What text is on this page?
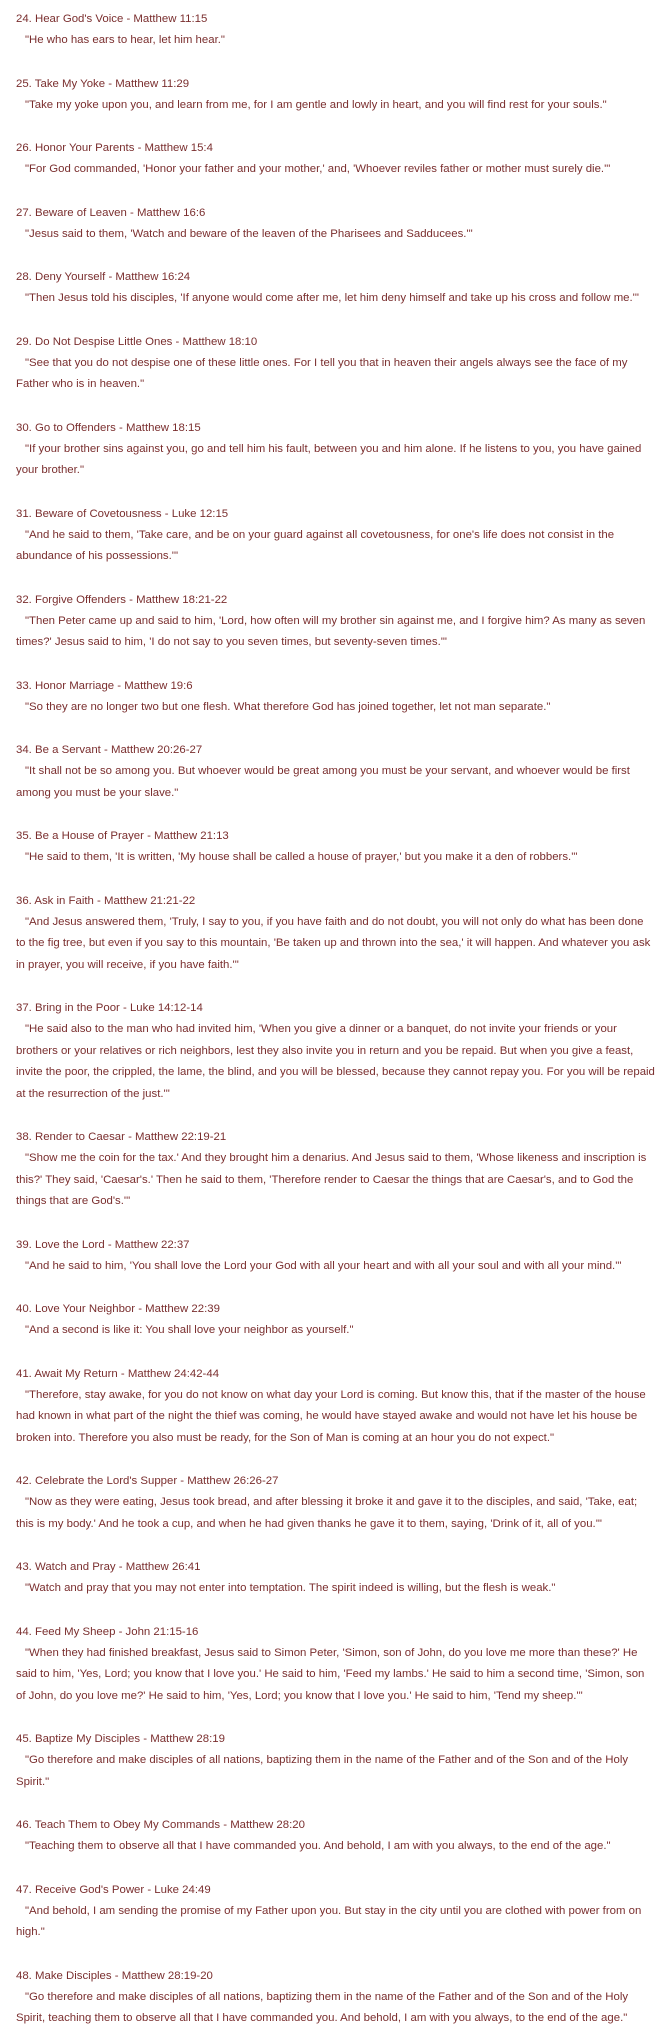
24. Hear God's Voice - Matthew 11:15

"He who has ears to hear, let him hear."

25. Take My Yoke - Matthew 11:29

"Take my yoke upon you, and learn from me, for I am gentle and lowly in heart, and you will find rest for your souls."

26. Honor Your Parents - Matthew 15:4

"For God commanded, 'Honor your father and your mother,' and, 'Whoever reviles father or mother must surely die.'"

27. Beware of Leaven - Matthew 16:6

"Jesus said to them, 'Watch and beware of the leaven of the Pharisees and Sadducees.'"

28. Deny Yourself - Matthew 16:24

"Then Jesus told his disciples, 'If anyone would come after me, let him deny himself and take up his cross and follow me.'"

29. Do Not Despise Little Ones - Matthew 18:10

"See that you do not despise one of these little ones. For I tell you that in heaven their angels always see the face of my Father who is in heaven."

30. Go to Offenders - Matthew 18:15

"If your brother sins against you, go and tell him his fault, between you and him alone. If he listens to you, you have gained your brother."

31. Beware of Covetousness - Luke 12:15

"And he said to them, 'Take care, and be on your guard against all covetousness, for one's life does not consist in the abundance of his possessions.'"

32. Forgive Offenders - Matthew 18:21-22

"Then Peter came up and said to him, 'Lord, how often will my brother sin against me, and I forgive him? As many as seven times?' Jesus said to him, 'I do not say to you seven times, but seventy-seven times.'"

33. Honor Marriage - Matthew 19:6

"So they are no longer two but one flesh. What therefore God has joined together, let not man separate."

34. Be a Servant - Matthew 20:26-27

"It shall not be so among you. But whoever would be great among you must be your servant, and whoever would be first among you must be your slave."

35. Be a House of Prayer - Matthew 21:13

"He said to them, 'It is written, 'My house shall be called a house of prayer,' but you make it a den of robbers.'"

36. Ask in Faith - Matthew 21:21-22

"And Jesus answered them, 'Truly, I say to you, if you have faith and do not doubt, you will not only do what has been done to the fig tree, but even if you say to this mountain, 'Be taken up and thrown into the sea,' it will happen. And whatever you ask in prayer, you will receive, if you have faith.'"

37. Bring in the Poor - Luke 14:12-14

"He said also to the man who had invited him, 'When you give a dinner or a banquet, do not invite your friends or your brothers or your relatives or rich neighbors, lest they also invite you in return and you be repaid. But when you give a feast, invite the poor, the crippled, the lame, the blind, and you will be blessed, because they cannot repay you. For you will be repaid at the resurrection of the just.'"

38. Render to Caesar - Matthew 22:19-21

"Show me the coin for the tax.' And they brought him a denarius. And Jesus said to them, 'Whose likeness and inscription is this?' They said, 'Caesar's.' Then he said to them, 'Therefore render to Caesar the things that are Caesar's, and to God the things that are God's.'"

39. Love the Lord - Matthew 22:37

"And he said to him, 'You shall love the Lord your God with all your heart and with all your soul and with all your mind.'"

40. Love Your Neighbor - Matthew 22:39

"And a second is like it: You shall love your neighbor as yourself."

41. Await My Return - Matthew 24:42-44

"Therefore, stay awake, for you do not know on what day your Lord is coming. But know this, that if the master of the house had known in what part of the night the thief was coming, he would have stayed awake and would not have let his house be broken into. Therefore you also must be ready, for the Son of Man is coming at an hour you do not expect."

42. Celebrate the Lord's Supper - Matthew 26:26-27

"Now as they were eating, Jesus took bread, and after blessing it broke it and gave it to the disciples, and said, 'Take, eat; this is my body.' And he took a cup, and when he had given thanks he gave it to them, saying, 'Drink of it, all of you.'"

43. Watch and Pray - Matthew 26:41

"Watch and pray that you may not enter into temptation. The spirit indeed is willing, but the flesh is weak."

44. Feed My Sheep - John 21:15-16

"When they had finished breakfast, Jesus said to Simon Peter, 'Simon, son of John, do you love me more than these?' He said to him, 'Yes, Lord; you know that I love you.' He said to him, 'Feed my lambs.' He said to him a second time, 'Simon, son of John, do you love me?' He said to him, 'Yes, Lord; you know that I love you.' He said to him, 'Tend my sheep.'"

45. Baptize My Disciples - Matthew 28:19

"Go therefore and make disciples of all nations, baptizing them in the name of the Father and of the Son and of the Holy Spirit."

46. Teach Them to Obey My Commands - Matthew 28:20

"Teaching them to observe all that I have commanded you. And behold, I am with you always, to the end of the age."

47. Receive God's Power - Luke 24:49

"And behold, I am sending the promise of my Father upon you. But stay in the city until you are clothed with power from on high."

48. Make Disciples - Matthew 28:19-20

"Go therefore and make disciples of all nations, baptizing them in the name of the Father and of the Son and of the Holy Spirit, teaching them to observe all that I have commanded you. And behold, I am with you always, to the end of the age."
